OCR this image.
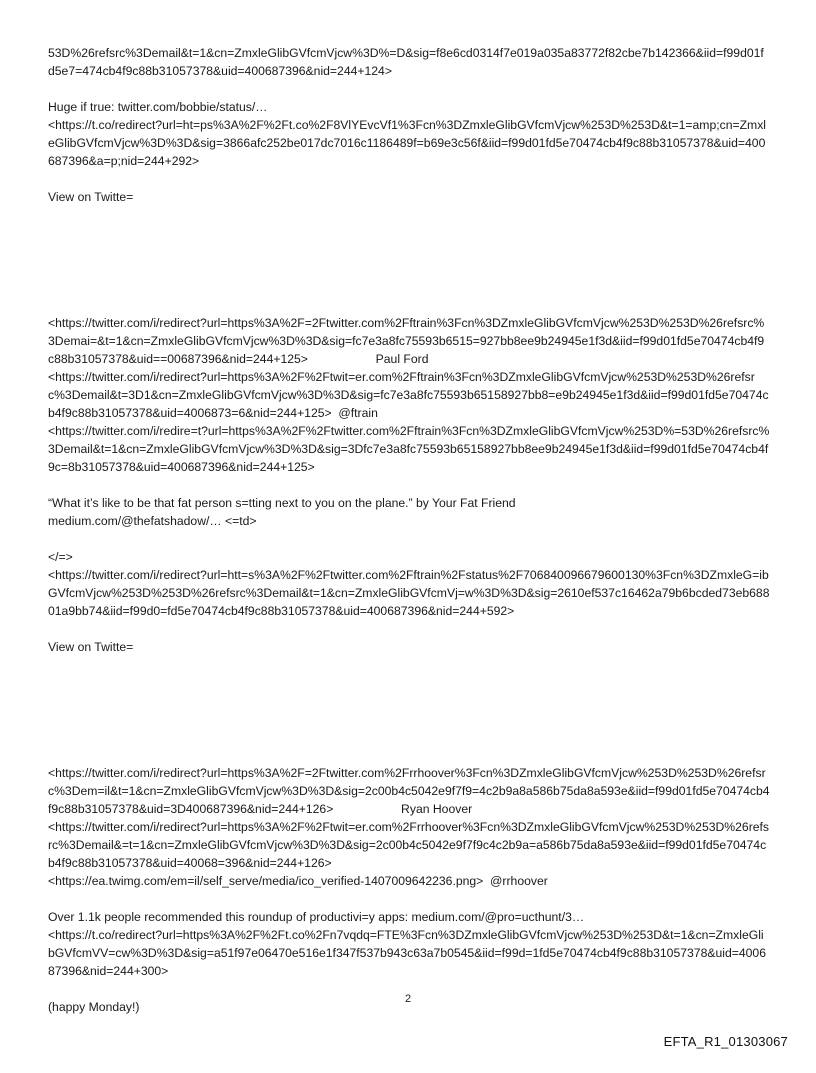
53D%26refsrc%3Demail&t=1&cn=ZmxleGlibGVfcmVjcw%3D%=D&sig=f8e6cd0314f7e019a035a83772f82cbe7b142366&iid=f99d01fd5e7=474cb4f9c88b31057378&uid=400687396&nid=244+124>
Huge if true: twitter.com/bobbie/status/…
<https://t.co/redirect?url=ht=ps%3A%2F%2Ft.co%2F8VlYEvcVf1%3Fcn%3DZmxleGlibGVfcmVjcw%253D%253D&t=1=amp;cn=ZmxleGlibGVfcmVjcw%3D%3D&sig=3866afc252be017dc7016c1186489f=b69e3c56f&iid=f99d01fd5e70474cb4f9c88b31057378&uid=400687396&a=p;nid=244+292>
View on Twitte=
<https://twitter.com/i/redirect?url=https%3A%2F=2Ftwitter.com%2Fftrain%3Fcn%3DZmxleGlibGVfcmVjcw%253D%253D%26refsrc%3Demai=&t=1&cn=ZmxleGlibGVfcmVjcw%3D%3D&sig=fc7e3a8fc75593b6515=927bb8ee9b24945e1f3d&iid=f99d01fd5e70474cb4f9c88b31057378&uid==00687396&nid=244+125>                    Paul Ford
<https://twitter.com/i/redirect?url=https%3A%2F%2Ftwit=er.com%2Fftrain%3Fcn%3DZmxleGlibGVfcmVjcw%253D%253D%26refsrc%3Demail&t=3D1&cn=ZmxleGlibGVfcmVjcw%3D%3D&sig=fc7e3a8fc75593b65158927bb8=e9b24945e1f3d&iid=f99d01fd5e70474cb4f9c88b31057378&uid=4006873=6&nid=244+125>  @ftrain
<https://twitter.com/i/redire=t?url=https%3A%2F%2Ftwitter.com%2Fftrain%3Fcn%3DZmxleGlibGVfcmVjcw%253D%=53D%26refsrc%3Demail&t=1&cn=ZmxleGlibGVfcmVjcw%3D%3D&sig=3Dfc7e3a8fc75593b65158927bb8ee9b24945e1f3d&iid=f99d01fd5e70474cb4f9c=8b31057378&uid=400687396&nid=244+125>
“What it’s like to be that fat person s=tting next to you on the plane.” by Your Fat Friend
medium.com/@thefatshadow/… <=td>
</=>
<https://twitter.com/i/redirect?url=htt=s%3A%2F%2Ftwitter.com%2Fftrain%2Fstatus%2F706840096679600130%3Fcn%3DZmxleG=ibGVfcmVjcw%253D%253D%26refsrc%3Demail&t=1&cn=ZmxleGlibGVfcmVj=w%3D%3D&sig=2610ef537c16462a79b6bcded73eb68801a9bb74&iid=f99d0=fd5e70474cb4f9c88b31057378&uid=400687396&nid=244+592>
View on Twitte=
<https://twitter.com/i/redirect?url=https%3A%2F=2Ftwitter.com%2Frrhoover%3Fcn%3DZmxleGlibGVfcmVjcw%253D%253D%26refsrc%3Dem=il&t=1&cn=ZmxleGlibGVfcmVjcw%3D%3D&sig=2c00b4c5042e9f7f9=4c2b9a8a586b75da8a593e&iid=f99d01fd5e70474cb4f9c88b31057378&uid=3D400687396&nid=244+126>                    Ryan Hoover
<https://twitter.com/i/redirect?url=https%3A%2F%2Ftwit=er.com%2Frrhoover%3Fcn%3DZmxleGlibGVfcmVjcw%253D%253D%26refsrc%3Demail&=t=1&cn=ZmxleGlibGVfcmVjcw%3D%3D&sig=2c00b4c5042e9f7f9c4c2b9a=a586b75da8a593e&iid=f99d01fd5e70474cb4f9c88b31057378&uid=40068=396&nid=244+126>
<https://ea.twimg.com/em=il/self_serve/media/ico_verified-1407009642236.png>  @rrhoover
Over 1.1k people recommended this roundup of productivi=y apps: medium.com/@pro=ucthunt/3…
<https://t.co/redirect?url=https%3A%2F%2Ft.co%2Fn7vqdq=FTE%3Fcn%3DZmxleGlibGVfcmVjcw%253D%253D&t=1&cn=ZmxleGlibGVfcmVV=cw%3D%3D&sig=a51f97e06470e516e1f347f537b943c63a7b0545&iid=f99d=1fd5e70474cb4f9c88b31057378&uid=400687396&nid=244+300>
(happy Monday!)
2
EFTA_R1_01303067
